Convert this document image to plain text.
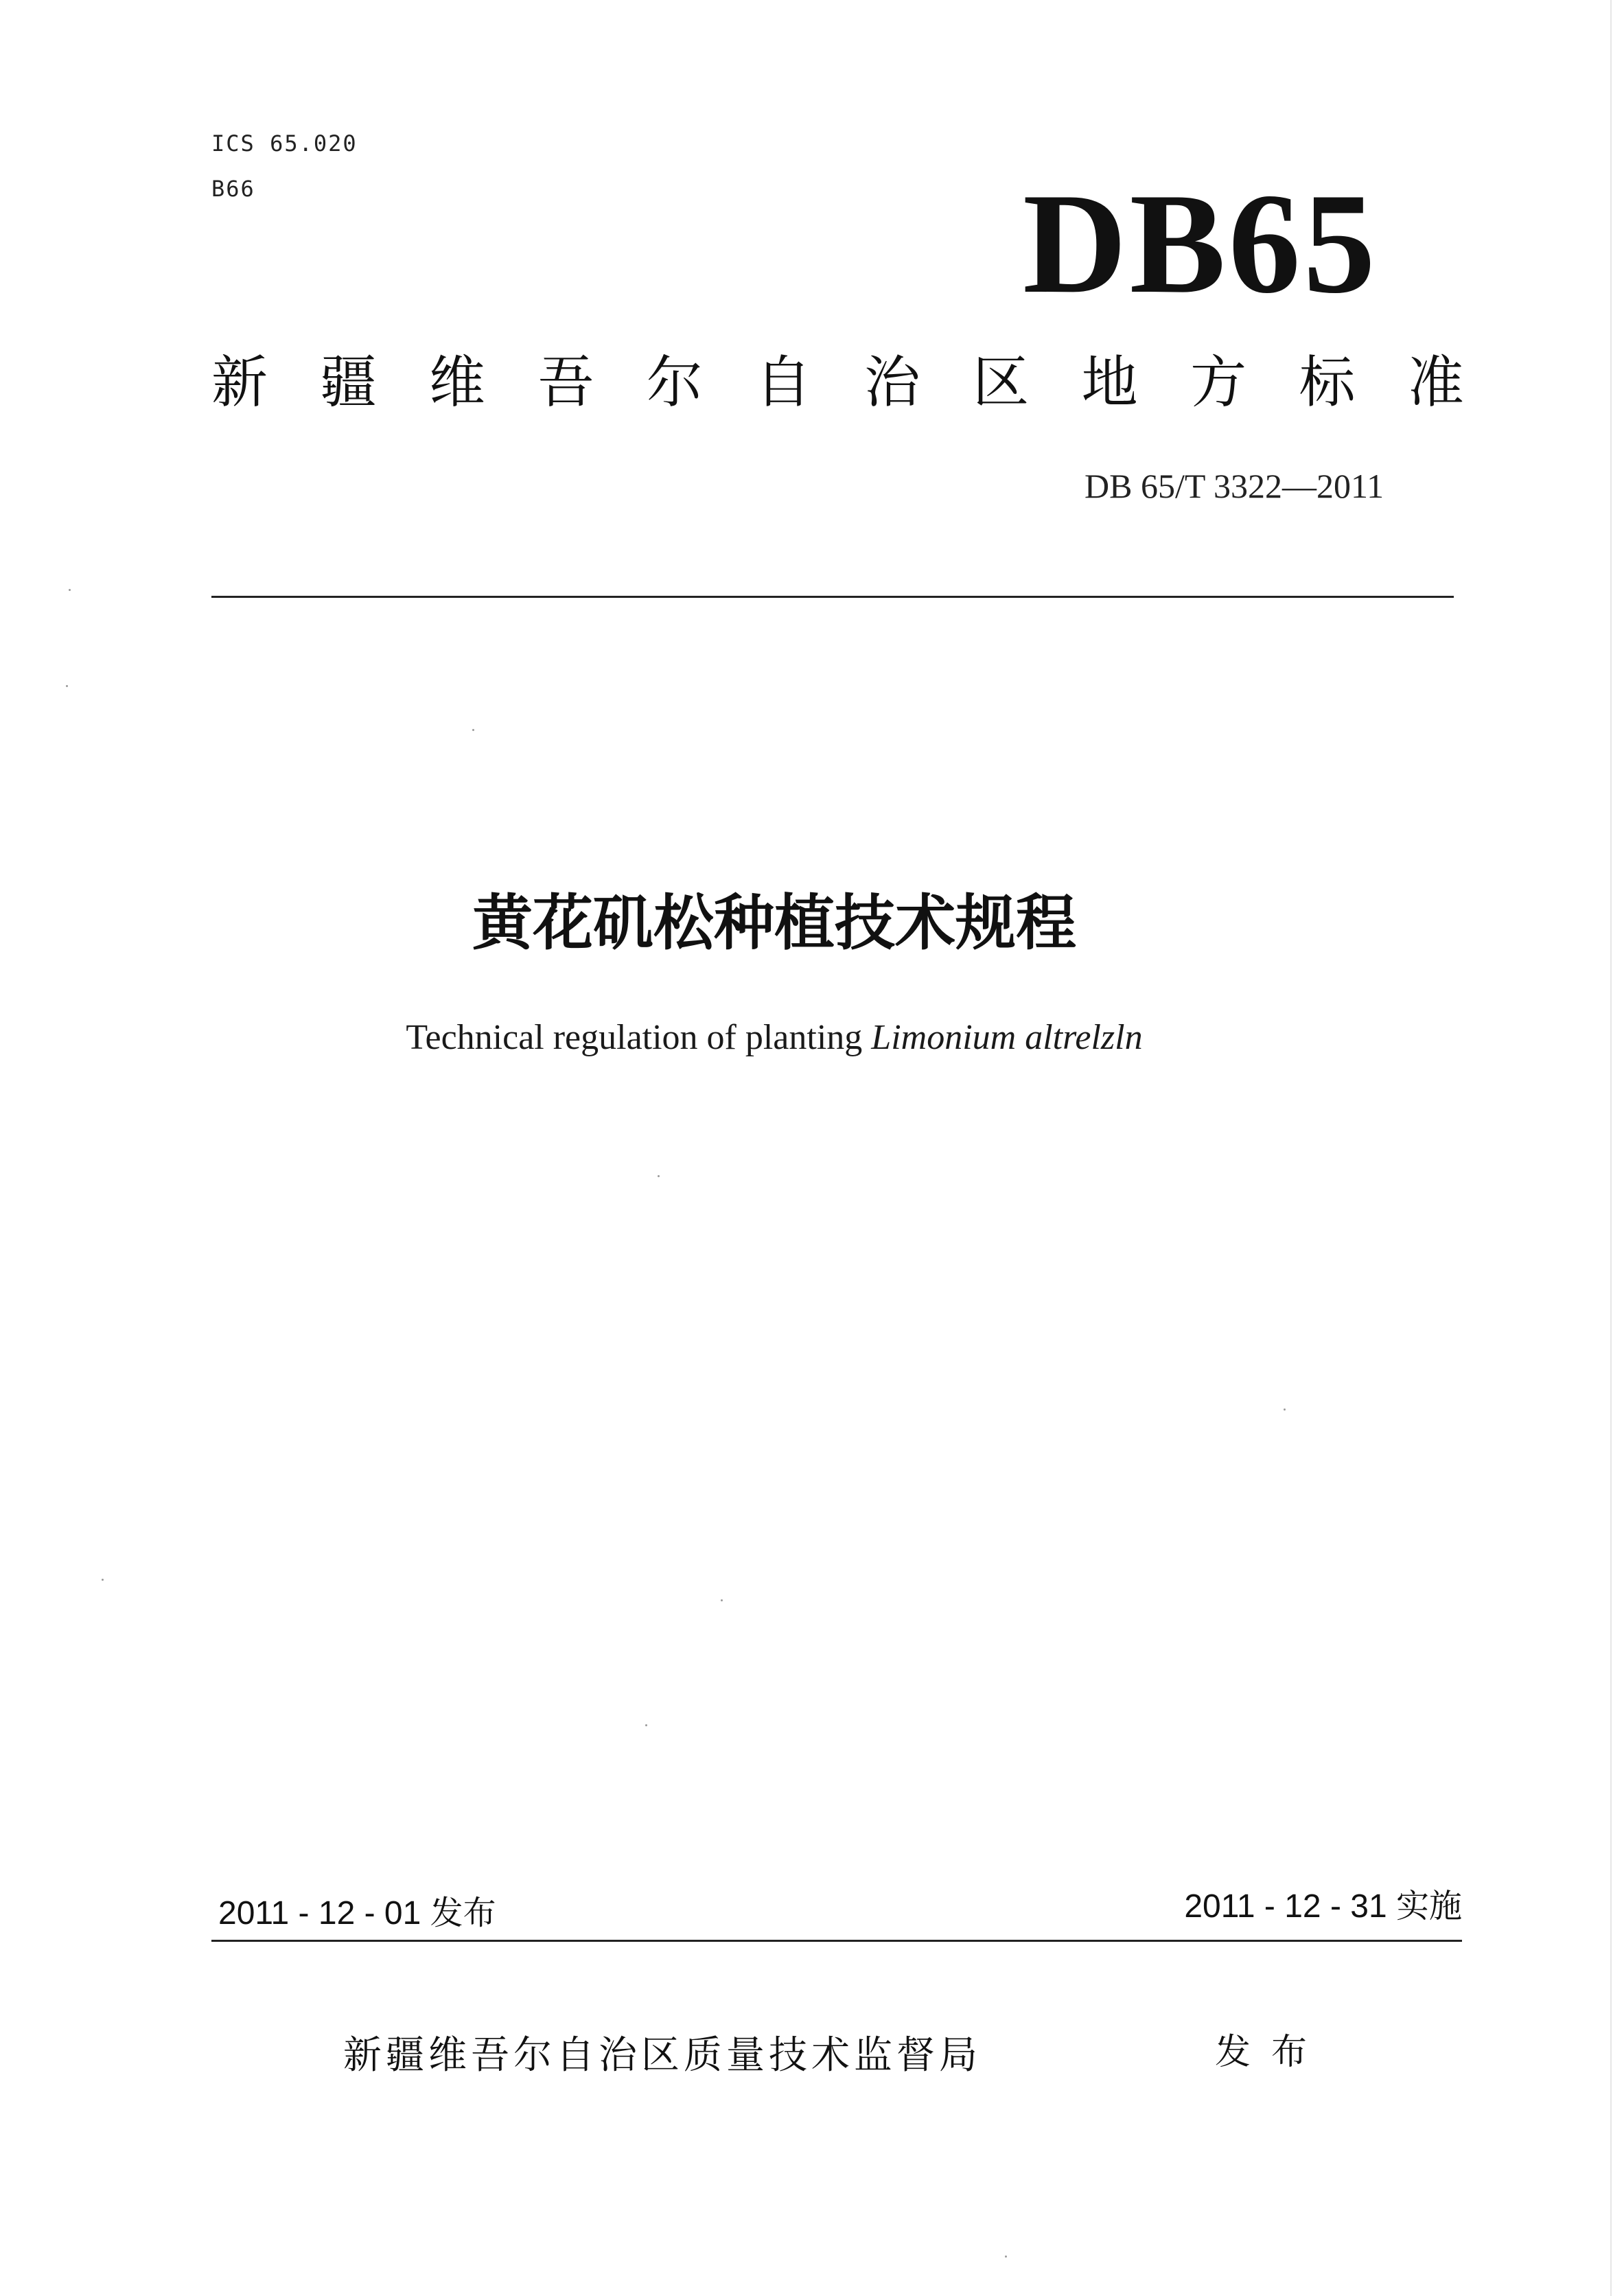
ICS 65.020

B66	DB65

新 疆 维 吾 尔 自 治 区 地 方 标 准

DB 65/T 3322—2011

黄花矶松种植技术规程

Technical regulation of planting Limonium altrelzln

2011 - 12 - 01 发布	2011 - 12 - 31 实施

新疆维吾尔自治区质量技术监督局	发布
